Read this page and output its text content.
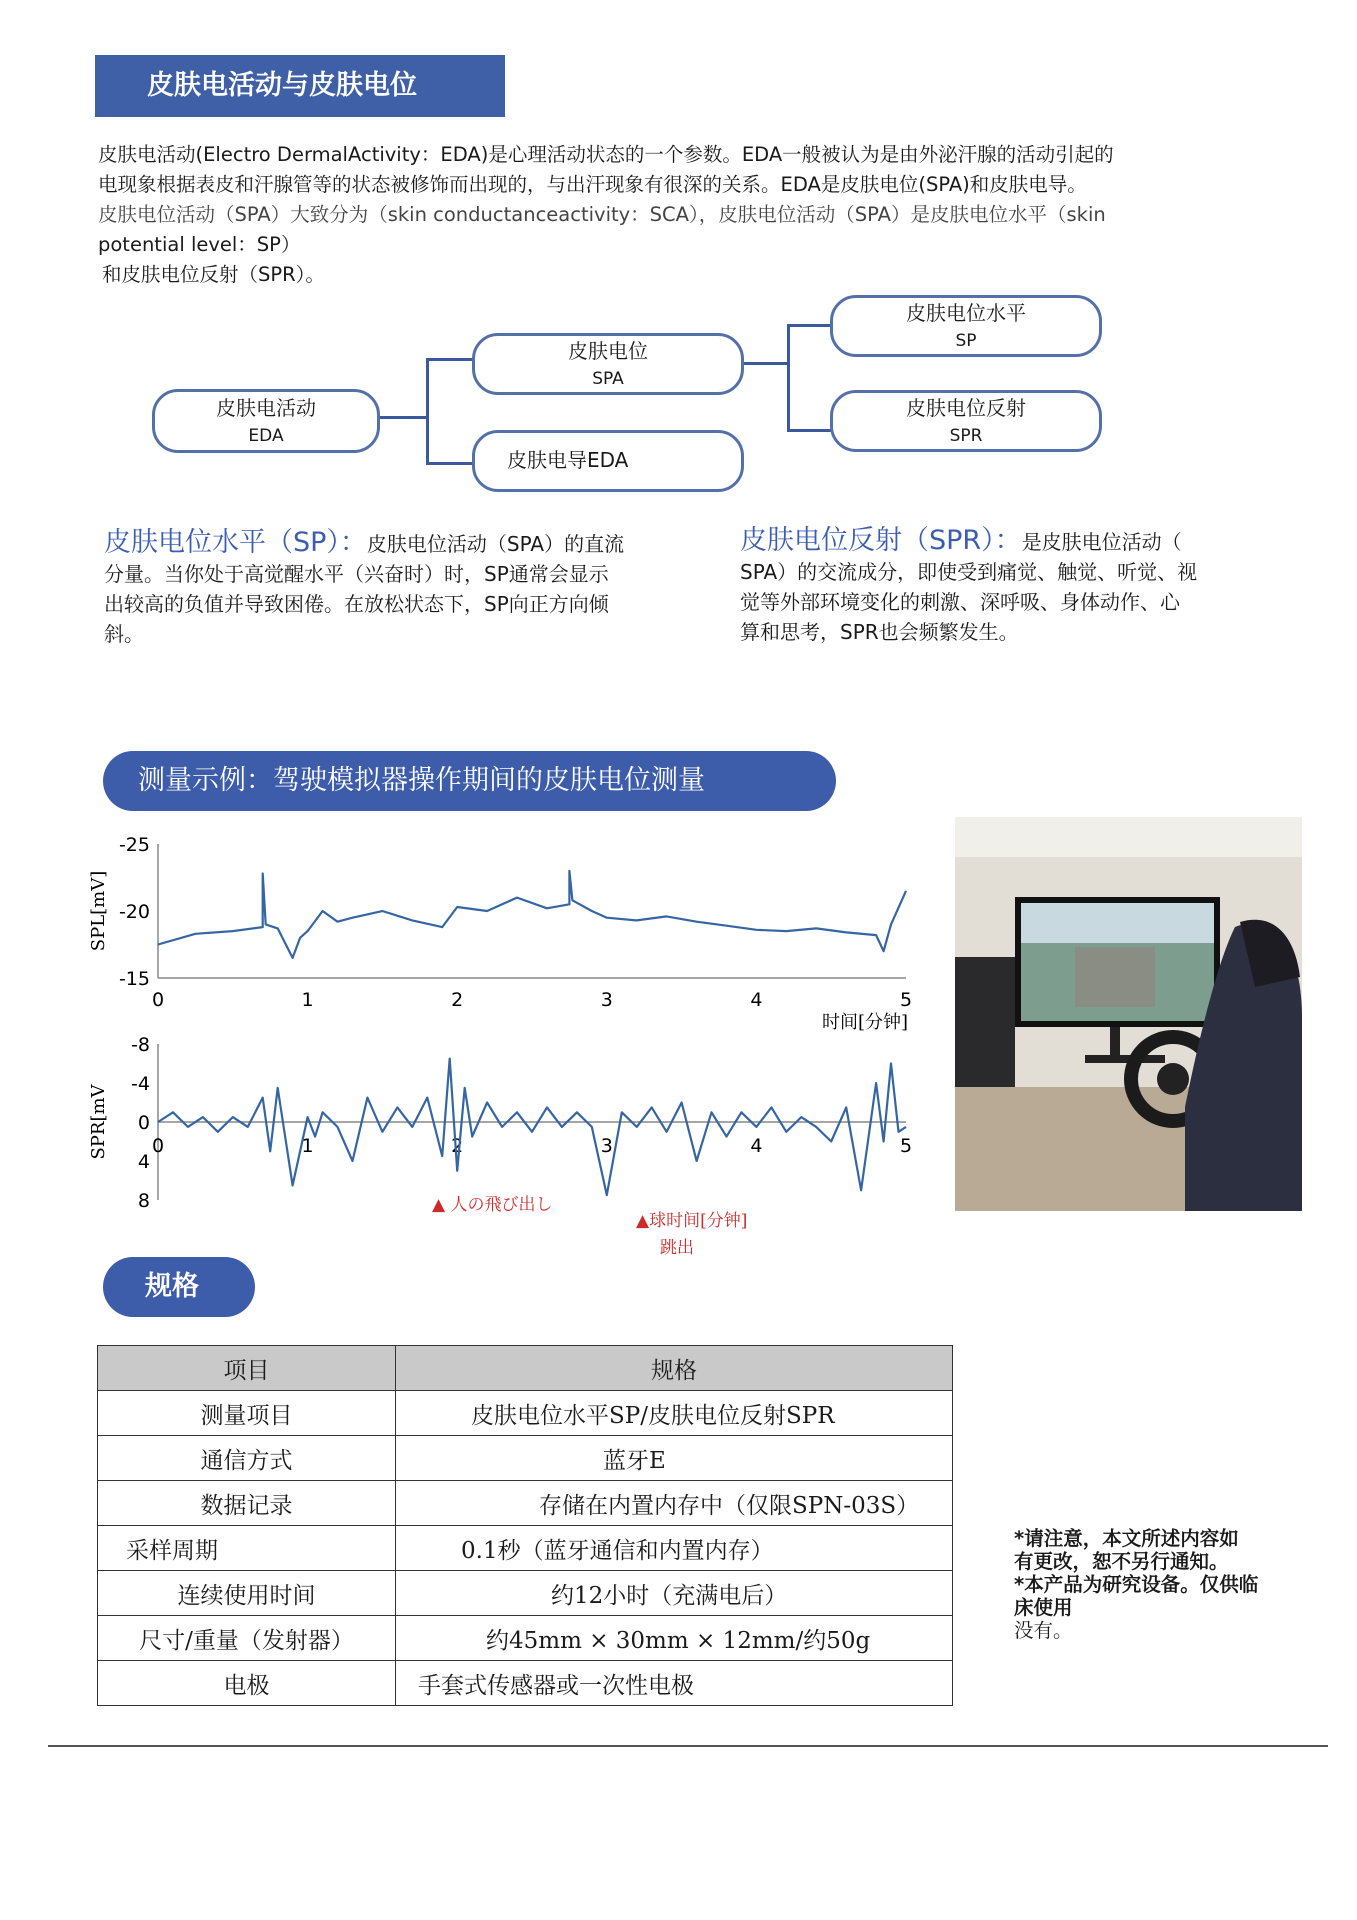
皮肤电活动与皮肤电位

皮肤电活动(Electro DermalActivity：EDA)是心理活动状态的一个参数。EDA一般被认为是由外泌汗腺的活动引起的

电现象根据表皮和汗腺管等的状态被修饰而出现的，与出汗现象有很深的关系。EDA是皮肤电位(SPA)和皮肤电导。

皮肤电位活动（SPA）大致分为（skin conductanceactivity：SCA），皮肤电位活动（SPA）是皮肤电位水平（skin

potential level：SP）

和皮肤电位反射（SPR）。

皮肤电活动
EDA
皮肤电位
SPA
皮肤电导EDA
皮肤电位水平
SP
皮肤电位反射
SPR
皮肤电位水平（SP）：皮肤电位活动（SPA）的直流

分量。当你处于高觉醒水平（兴奋时）时，SP通常会显示

出较高的负值并导致困倦。在放松状态下，SP向正方向倾

斜。

皮肤电位反射（SPR）：是皮肤电位活动（

SPA）的交流成分，即使受到痛觉、触觉、听觉、视

觉等外部环境变化的刺激、深呼吸、身体动作、心

算和思考，SPR也会频繁发生。

测量示例：驾驶模拟器操作期间的皮肤电位测量
0	1	2	3	4	5
-25
-20
-15
SPL[mV]
时间[分钟]
0	1	2	3	4	5
-8
-4
0
4
8
SPR[mV
▲ 人の飛び出し
▲球时间[分钟]
跳出
规格
项目	规格
测量项目	皮肤电位水平SP/皮肤电位反射SPR
通信方式	蓝牙E
数据记录	存储在内置内存中（仅限SPN-03S）
采样周期	0.1秒（蓝牙通信和内置内存）
连续使用时间	约12小时（充满电后）
尺寸/重量（发射器）	约45mm × 30mm × 12mm/约50g
电极	手套式传感器或一次性电极
*请注意，本文所述内容如
有更改，恕不另行通知。
*本产品为研究设备。仅供临
床使用
没有。
